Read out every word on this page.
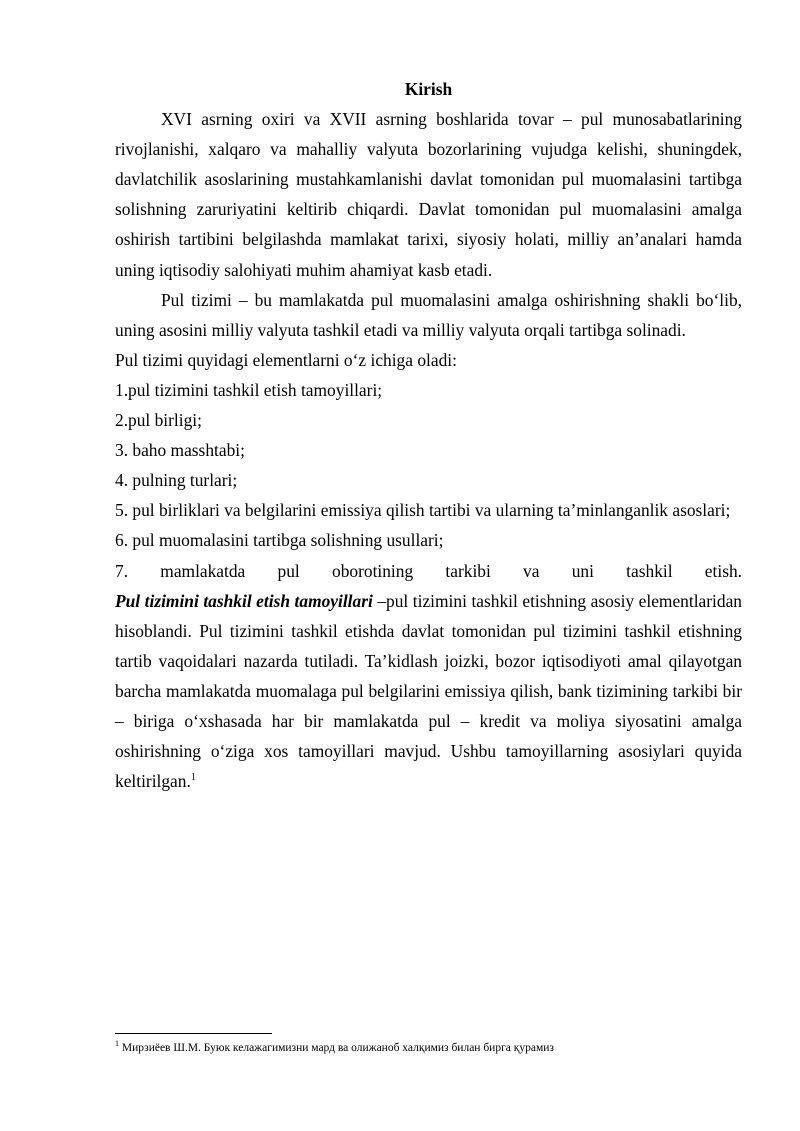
Kirish

XVI asrning oxiri va XVII asrning boshlarida tovar – pul munosabatlarining rivojlanishi, xalqaro va mahalliy valyuta bozorlarining vujudga kelishi, shuningdek, davlatchilik asoslarining mustahkamlanishi davlat tomonidan pul muomalasini tartibga solishning zaruriyatini keltirib chiqardi. Davlat tomonidan pul muomalasini amalga oshirish tartibini belgilashda mamlakat tarixi, siyosiy holati, milliy an’analari hamda uning iqtisodiy salohiyati muhim ahamiyat kasb etadi.

Pul tizimi – bu mamlakatda pul muomalasini amalga oshirishning shakli bo‘lib, uning asosini milliy valyuta tashkil etadi va milliy valyuta orqali tartibga solinadi.

Pul tizimi quyidagi elementlarni o‘z ichiga oladi:

1.pul tizimini tashkil etish tamoyillari;

2.pul birligi;

3. baho masshtabi;

4. pulning turlari;

5. pul birliklari va belgilarini emissiya qilish tartibi va ularning ta’minlanganlik asoslari;

6. pul muomalasini tartibga solishning usullari;

7. mamlakatda pul oborotining tarkibi va uni tashkil etish.

Pul tizimini tashkil etish tamoyillari –pul tizimini tashkil etishning asosiy elementlaridan hisoblandi. Pul tizimini tashkil etishda davlat tomonidan pul tizimini tashkil etishning tartib vaqoidalari nazarda tutiladi. Ta’kidlash joizki, bozor iqtisodiyoti amal qilayotgan barcha mamlakatda muomalaga pul belgilarini emissiya qilish, bank tizimining tarkibi bir – biriga o‘xshasada har bir mamlakatda pul – kredit va moliya siyosatini amalga oshirishning o‘ziga xos tamoyillari mavjud. Ushbu tamoyillarning asosiylari quyida keltirilgan.$^1$

$^1$ Мирзиёев Ш.М. Буюк келажагимизни мард ва олижаноб халқимиз билан бирга қурамиз
